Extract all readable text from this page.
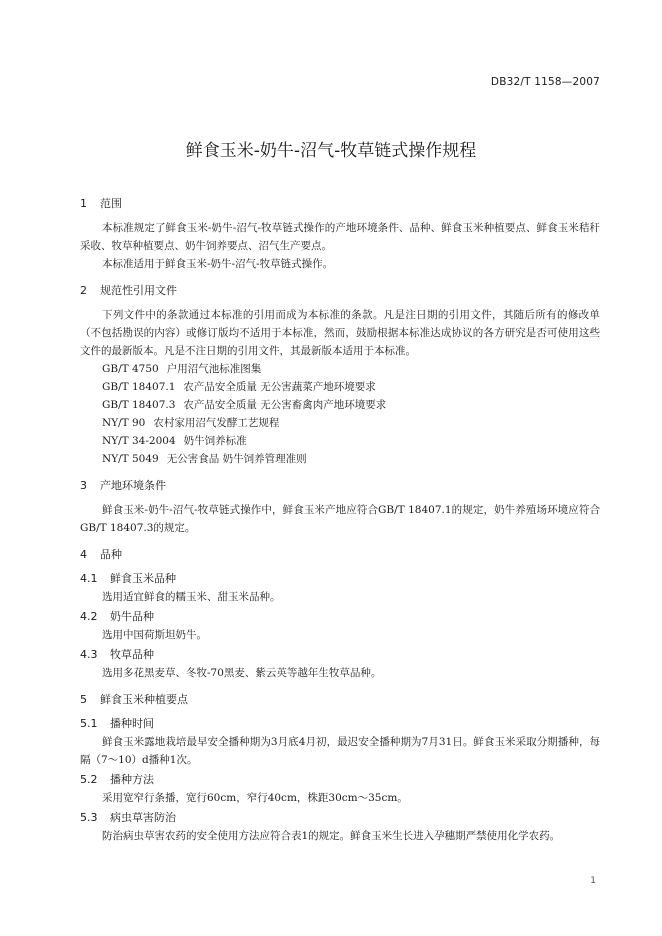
DB32/T 1158—2007
鲜食玉米-奶牛-沼气-牧草链式操作规程
1 范围

本标准规定了鲜食玉米-奶牛-沼气-牧草链式操作的产地环境条件、品种、鲜食玉米种植要点、鲜食玉米秸秆采收、牧草种植要点、奶牛饲养要点、沼气生产要点。

本标准适用于鲜食玉米-奶牛-沼气-牧草链式操作。

2 规范性引用文件

下列文件中的条款通过本标准的引用而成为本标准的条款。凡是注日期的引用文件，其随后所有的修改单（不包括勘误的内容）或修订版均不适用于本标准，然而，鼓励根据本标准达成协议的各方研究是否可使用这些文件的最新版本。凡是不注日期的引用文件，其最新版本适用于本标准。

GB/T 4750 户用沼气池标准图集

GB/T 18407.1 农产品安全质量 无公害蔬菜产地环境要求

GB/T 18407.3 农产品安全质量 无公害畜禽肉产地环境要求

NY/T 90 农村家用沼气发酵工艺规程

NY/T 34-2004 奶牛饲养标准

NY/T 5049 无公害食品 奶牛饲养管理准则

3 产地环境条件

鲜食玉米-奶牛-沼气-牧草链式操作中，鲜食玉米产地应符合GB/T 18407.1的规定，奶牛养殖场环境应符合GB/T 18407.3的规定。

4 品种
4.1 鲜食玉米品种

选用适宜鲜食的糯玉米、甜玉米品种。

4.2 奶牛品种

选用中国荷斯坦奶牛。

4.3 牧草品种

选用多花黑麦草、冬牧-70黑麦、紫云英等越年生牧草品种。

5 鲜食玉米种植要点
5.1 播种时间

鲜食玉米露地栽培最早安全播种期为3月底4月初，最迟安全播种期为7月31日。鲜食玉米采取分期播种，每隔（7～10）d播种1次。

5.2 播种方法

采用宽窄行条播，宽行60cm，窄行40cm，株距30cm～35cm。

5.3 病虫草害防治

防治病虫草害农药的安全使用方法应符合表1的规定。鲜食玉米生长进入孕穗期严禁使用化学农药。

1
